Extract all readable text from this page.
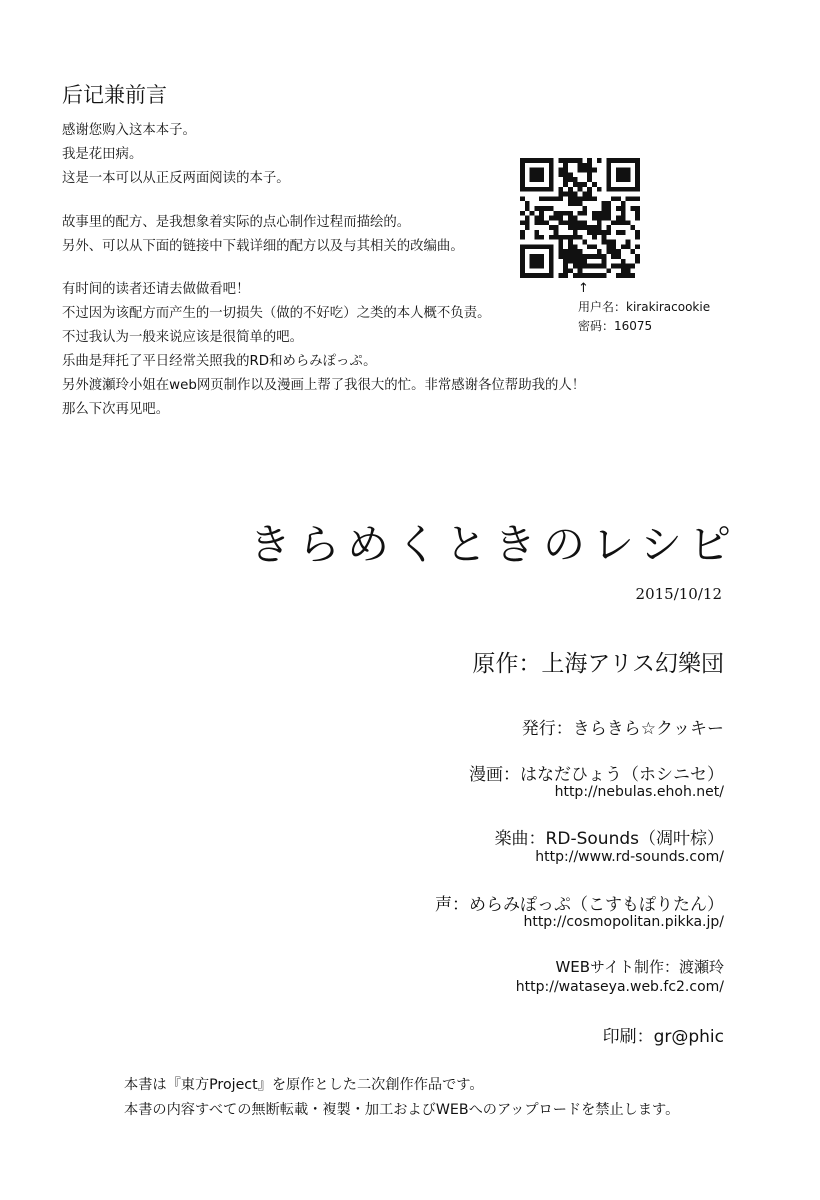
后记兼前言
感谢您购入这本本子。
我是花田病。
这是一本可以从正反两面阅读的本子。
故事里的配方、是我想象着实际的点心制作过程而描绘的。
另外、可以从下面的链接中下载详细的配方以及与其相关的改编曲。
有时间的读者还请去做做看吧！
不过因为该配方而产生的一切损失（做的不好吃）之类的本人概不负责。
不过我认为一般来说应该是很简单的吧。
乐曲是拜托了平日经常关照我的RD和めらみぽっぷ。
另外渡瀬玲小姐在web网页制作以及漫画上帮了我很大的忙。非常感谢各位帮助我的人！
那么下次再见吧。
↑
用户名：kirakiracookie
密码：16075
きらめくときのレシピ
2015/10/12
原作：上海アリス幻樂団
発行：きらきら☆クッキー
漫画：はなだひょう（ホシニセ）
http://nebulas.ehoh.net/
楽曲：RD-Sounds（凋叶棕）
http://www.rd-sounds.com/
声：めらみぽっぷ（こすもぽりたん）
http://cosmopolitan.pikka.jp/
WEBサイト制作：渡瀬玲
http://wataseya.web.fc2.com/
印刷：gr@phic
本書は『東方Project』を原作とした二次創作作品です。
本書の内容すべての無断転載・複製・加工およびWEBへのアップロードを禁止します。
